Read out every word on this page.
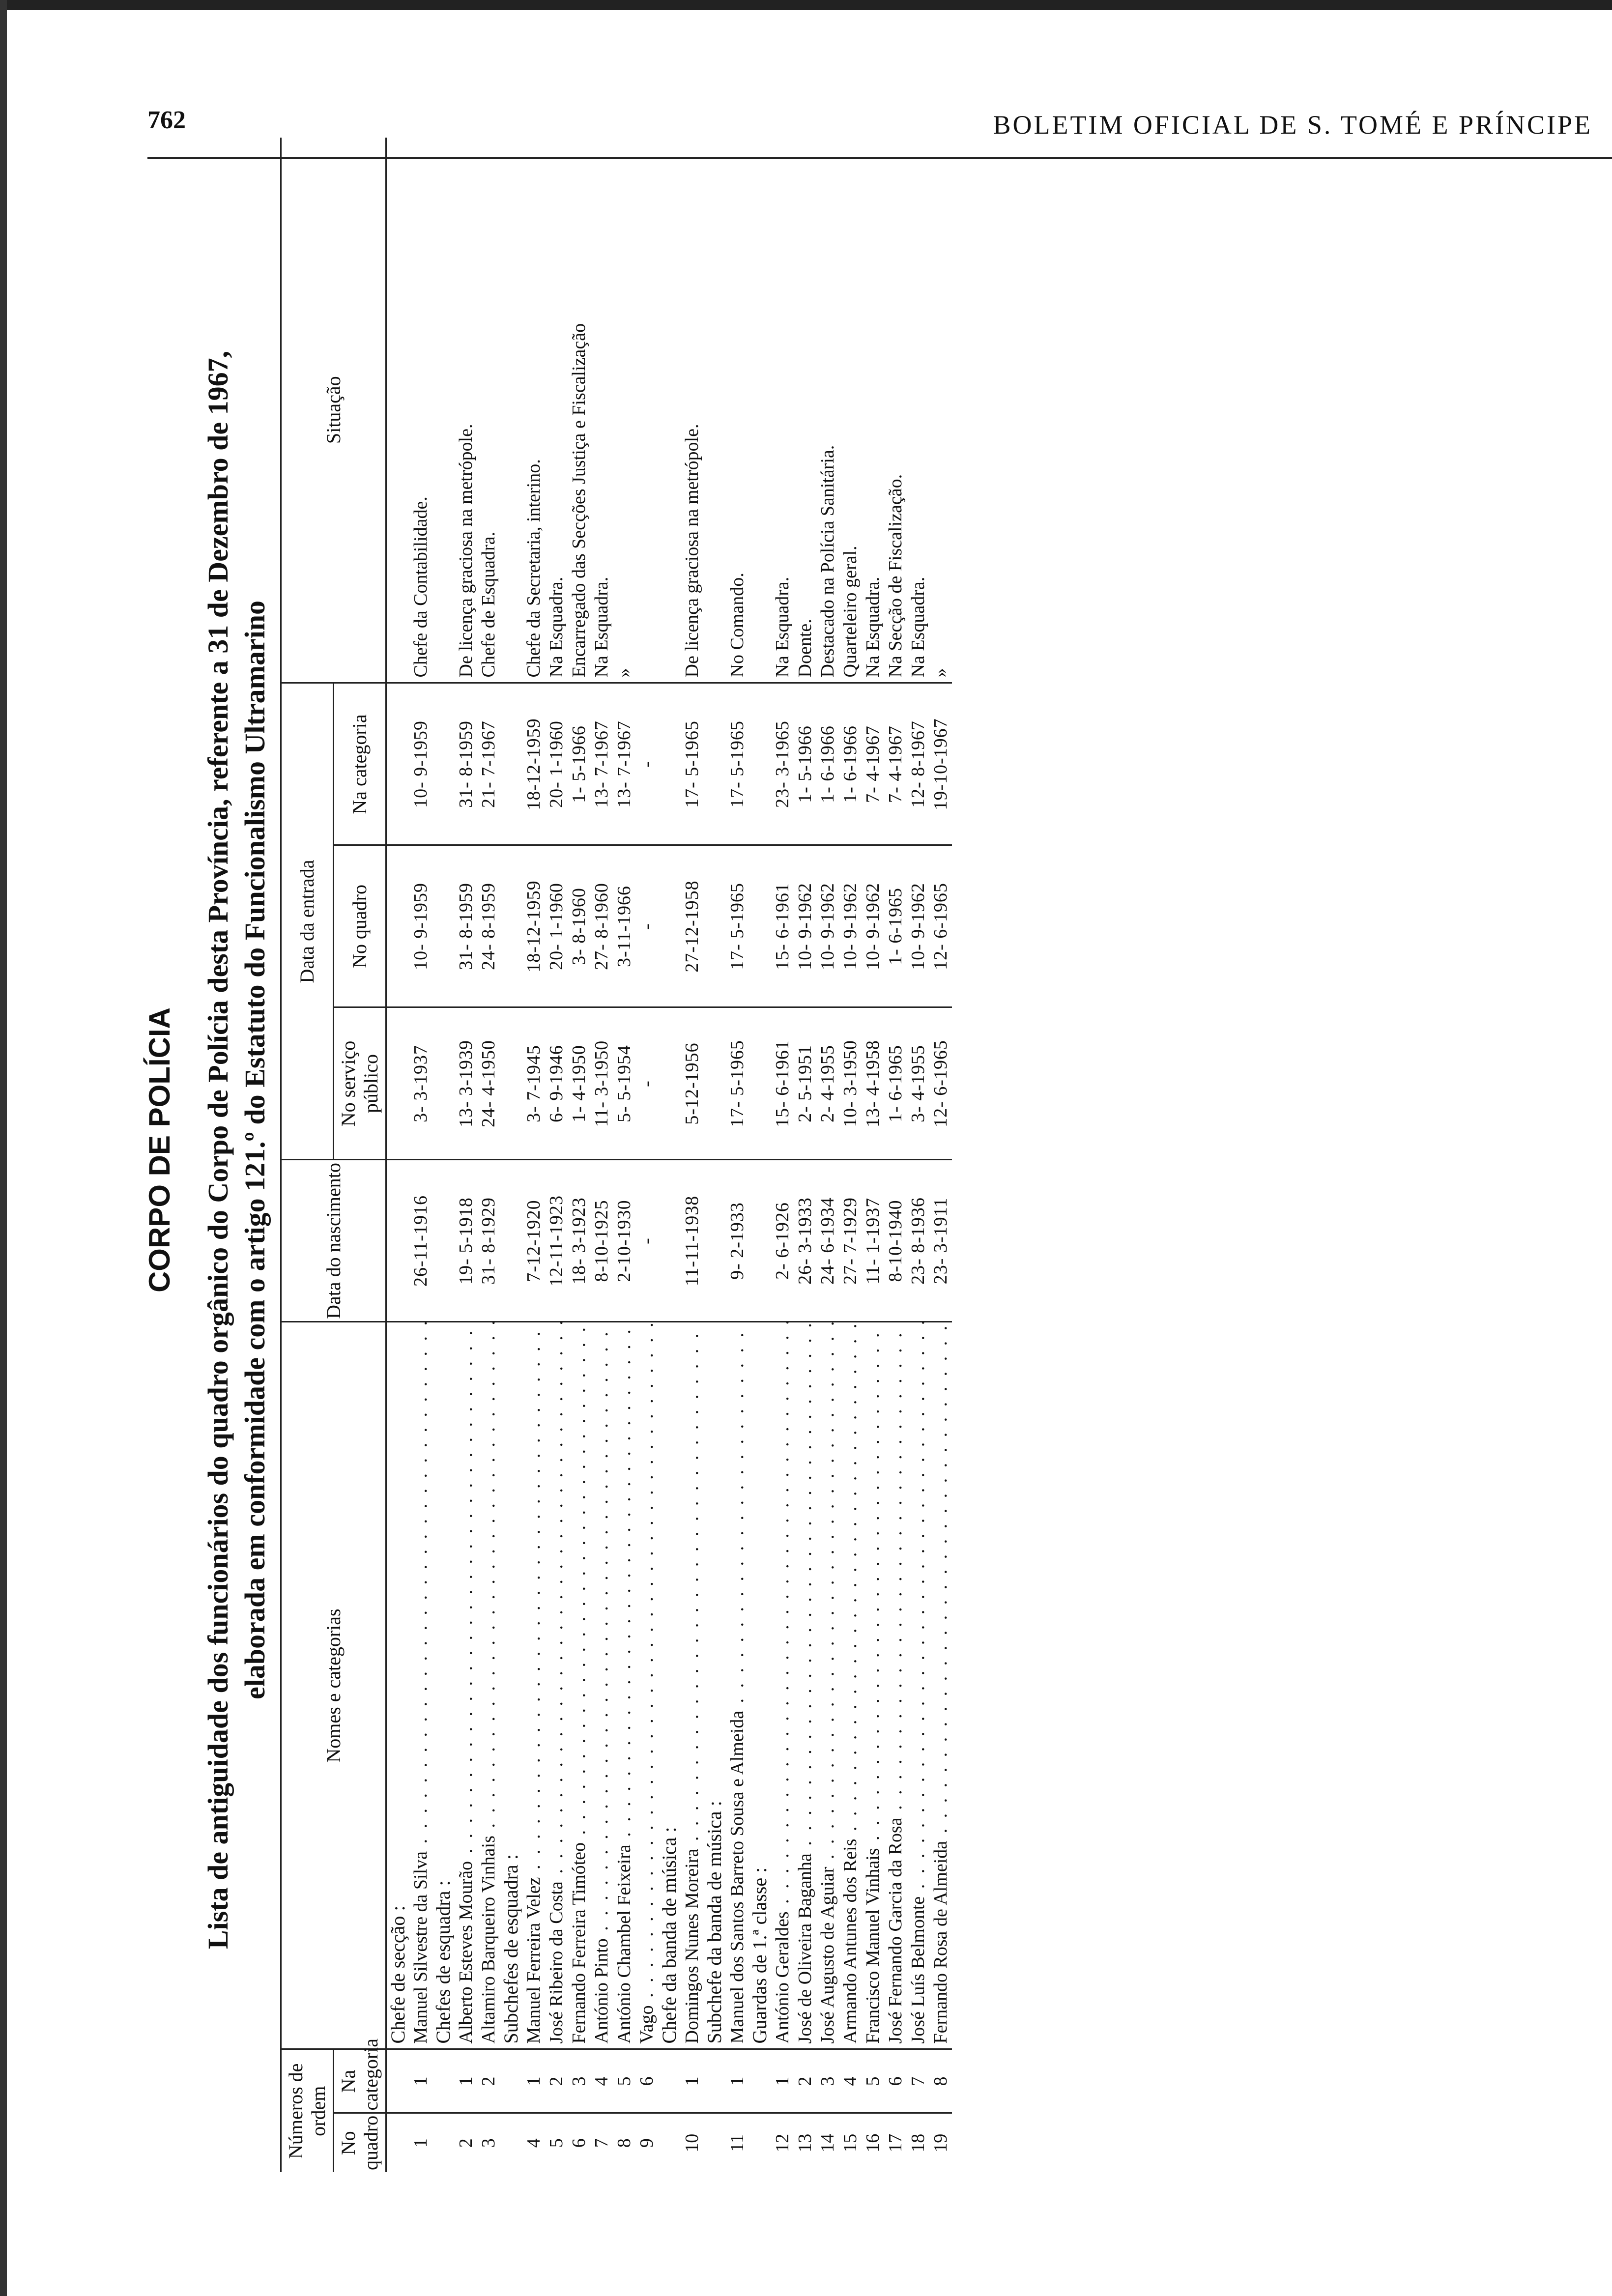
762	BOLETIM OFICIAL DE S. TOMÉ E PRÍNCIPE
CORPO DE POLÍCIA Lista de antiguidade dos funcionários do quadro orgânico do Corpo de Polícia desta Província, referente a 31 de Dezembro de 1967, elaborada em conformidade com o artigo 121.º do Estatuto do Funcionalismo Ultramarino
Números de ordem		Nomes e categorias	Data do nascimento	Data da entrada			Situação
No quadro	Na categoria			No serviço público	No quadro	Na categoria	
		Chefe de secção :					
1	1	Manuel Silvestre da Silva . . .	26-11-1916	3- 3-1937	10- 9-1959	10- 9-1959	Chefe da Contabilidade.
		Chefes de esquadra :					
2	1	Alberto Esteves Mourão . . .	19- 5-1918	13- 3-1939	31- 8-1959	31- 8-1959	De licença graciosa na metrópole.
3	2	Altamiro Barqueiro Vinhais . . .	31- 8-1929	24- 4-1950	24- 8-1959	21- 7-1967	Chefe de Esquadra.
		Subchefes de esquadra :					
4	1	Manuel Ferreira Velez . . .	7-12-1920	3- 7-1945	18-12-1959	18-12-1959	Chefe da Secretaria, interino.
5	2	José Ribeiro da Costa . . .	12-11-1923	6- 9-1946	20- 1-1960	20- 1-1960	Na Esquadra.
6	3	Fernando Ferreira Timóteo . . .	18- 3-1923	1- 4-1950	3- 8-1960	1- 5-1966	Encarregado das Secções Justiça e Fiscalização
7	4	António Pinto . . .	8-10-1925	11- 3-1950	27- 8-1960	13- 7-1967	Na Esquadra.
8	5	António Chambel Feixeira . . .	2-10-1930	5- 5-1954	3-11-1966	13- 7-1967	»
9	6	Vago . . .	-	-	-	-	
		Chefe da banda de música :					
10	1	Domingos Nunes Moreira . . .	11-11-1938	5-12-1956	27-12-1958	17- 5-1965	De licença graciosa na metrópole.
		Subchefe da banda de música :					
11	1	Manuel dos Santos Barreto Sousa e Almeida . . .	9- 2-1933	17- 5-1965	17- 5-1965	17- 5-1965	No Comando.
		Guardas de 1.ª classe :					
12	1	António Geraldes . . .	2- 6-1926	15- 6-1961	15- 6-1961	23- 3-1965	Na Esquadra.
13	2	José de Oliveira Baganha . . .	26- 3-1933	2- 5-1951	10- 9-1962	1- 5-1966	Doente.
14	3	José Augusto de Aguiar . . .	24- 6-1934	2- 4-1955	10- 9-1962	1- 6-1966	Destacado na Polícia Sanitária.
15	4	Armando Antunes dos Reis . . .	27- 7-1929	10- 3-1950	10- 9-1962	1- 6-1966	Quarteleiro geral.
16	5	Francisco Manuel Vinhais . . .	11- 1-1937	13- 4-1958	10- 9-1962	7- 4-1967	Na Esquadra.
17	6	José Fernando Garcia da Rosa . . .	8-10-1940	1- 6-1965	1- 6-1965	7- 4-1967	Na Secção de Fiscalização.
18	7	José Luís Belmonte . . .	23- 8-1936	3- 4-1955	10- 9-1962	12- 8-1967	Na Esquadra.
19	8	Fernando Rosa de Almeida . . .	23- 3-1911	12- 6-1965	12- 6-1965	19-10-1967	»
